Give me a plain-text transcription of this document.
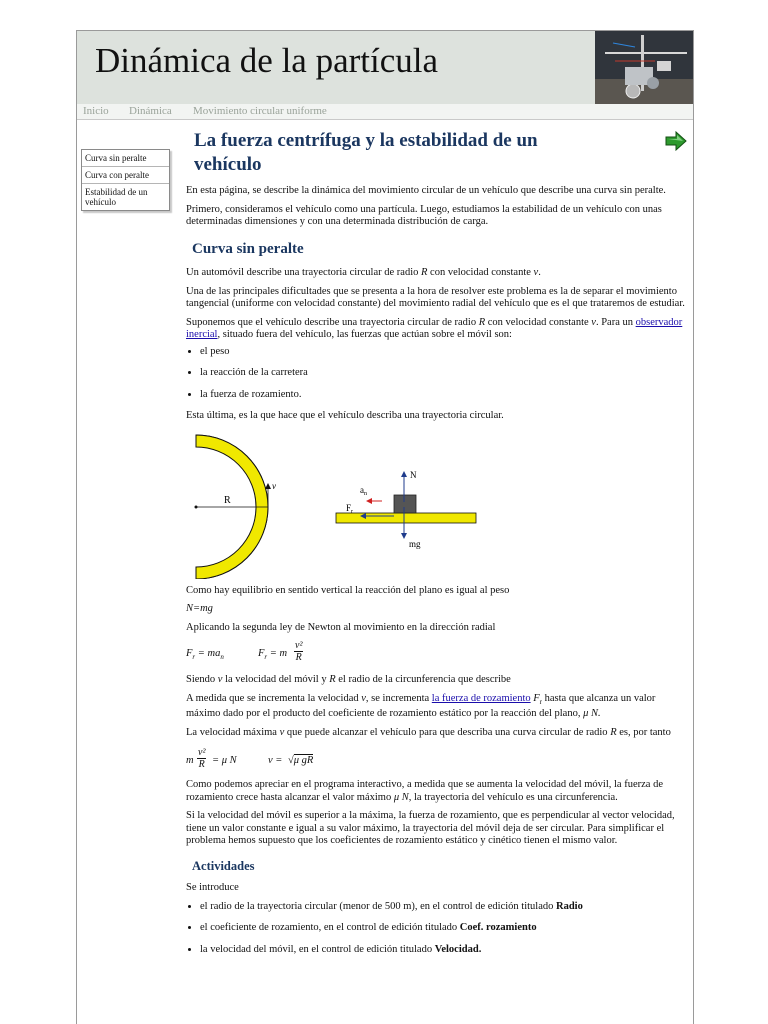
Dinámica de la partícula
Inicio Dinámica Movimiento circular uniforme
Curva sin peralte
Curva con peralte
Estabilidad de un vehículo
La fuerza centrífuga y la estabilidad de un vehículo

En esta página, se describe la dinámica del movimiento circular de un vehículo que describe una curva sin peralte.

Primero, consideramos el vehículo como una partícula. Luego, estudiamos la estabilidad de un vehículo con unas determinadas dimensiones y con una determinada distribución de carga.

Curva sin peralte

Un automóvil describe una trayectoria circular de radio R con velocidad constante v.

Una de las principales dificultades que se presenta a la hora de resolver este problema es la de separar el movimiento tangencial (uniforme con velocidad constante) del movimiento radial del vehículo que es el que trataremos de estudiar.

Suponemos que el vehículo describe una trayectoria circular de radio R con velocidad constante v. Para un observador inercial, situado fuera del vehículo, las fuerzas que actúan sobre el móvil son:

• el peso
• la reacción de la carretera
• la fuerza de rozamiento.

Esta última, es la que hace que el vehículo describa una trayectoria circular.

R
v
N
mg
$F_r$
$a_n$

Como hay equilibrio en sentido vertical la reacción del plano es igual al peso

N=mg

Aplicando la segunda ley de Newton al movimiento en la dirección radial

$F_r = ma_n$	$F_r = m \frac{\text{v²}}{R}$

Siendo v la velocidad del móvil y R el radio de la circunferencia que describe

A medida que se incrementa la velocidad v, se incrementa la fuerza de rozamiento $F_r$ hasta que alcanza un valor máximo dado por el producto del coeficiente de rozamiento estático por la reacción del plano, μ N.

La velocidad máxima v que puede alcanzar el vehículo para que describa una curva circular de radio R es, por tanto

m $\frac{\text{v²}}{R} = \mu$ N	v = √μ gR

Como podemos apreciar en el programa interactivo, a medida que se aumenta la velocidad del móvil, la fuerza de rozamiento crece hasta alcanzar el valor máximo μ N, la trayectoria del vehículo es una circunferencia.

Si la velocidad del móvil es superior a la máxima, la fuerza de rozamiento, que es perpendicular al vector velocidad, tiene un valor constante e igual a su valor máximo, la trayectoria del móvil deja de ser circular. Para simplificar el problema hemos supuesto que los coeficientes de rozamiento estático y cinético tienen el mismo valor.

Actividades

Se introduce

• el radio de la trayectoria circular (menor de 500 m), en el control de edición titulado Radio
• el coeficiente de rozamiento, en el control de edición titulado Coef. rozamiento
• la velocidad del móvil, en el control de edición titulado Velocidad.
